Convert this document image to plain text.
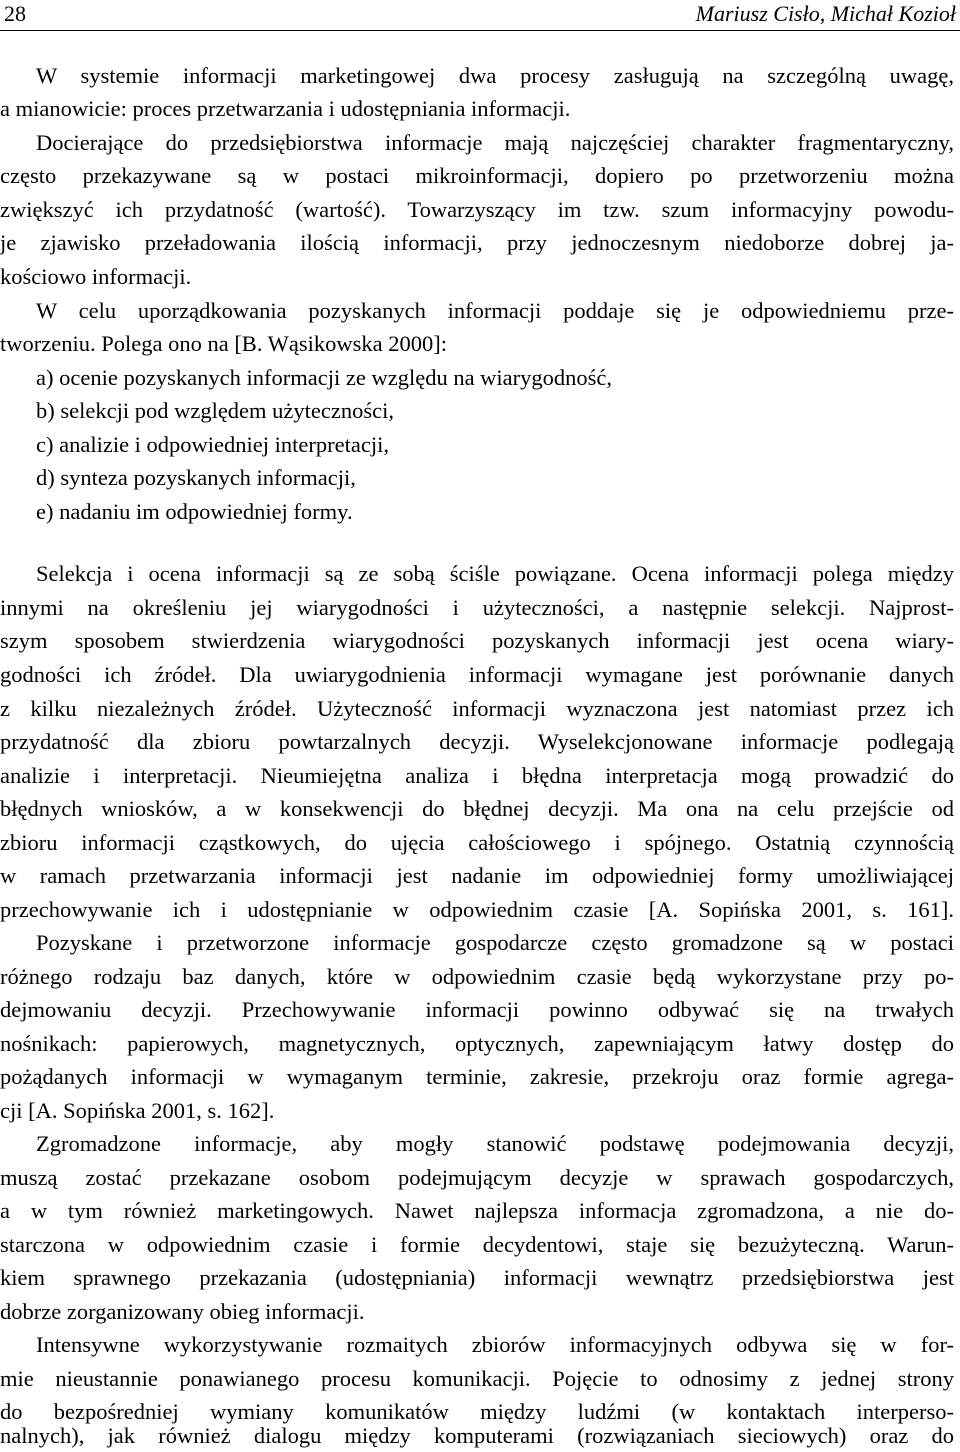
28	Mariusz Cisło, Michał Kozioł
W systemie informacji marketingowej dwa procesy zasługują na szczególną uwagę,
a mianowicie: proces przetwarzania i udostępniania informacji.
Docierające do przedsiębiorstwa informacje mają najczęściej charakter fragmentaryczny,
często przekazywane są w postaci mikroinformacji, dopiero po przetworzeniu można
zwiększyć ich przydatność (wartość). Towarzyszący im tzw. szum informacyjny powodu-
je zjawisko przeładowania ilością informacji, przy jednoczesnym niedoborze dobrej ja-
kościowo informacji.
W celu uporządkowania pozyskanych informacji poddaje się je odpowiedniemu prze-
tworzeniu. Polega ono na [B. Wąsikowska 2000]:
a) ocenie pozyskanych informacji ze względu na wiarygodność,
b) selekcji pod względem użyteczności,
c) analizie i odpowiedniej interpretacji,
d) synteza pozyskanych informacji,
e) nadaniu im odpowiedniej formy.
Selekcja i ocena informacji są ze sobą ściśle powiązane. Ocena informacji polega między
innymi na określeniu jej wiarygodności i użyteczności, a następnie selekcji. Najprost-
szym sposobem stwierdzenia wiarygodności pozyskanych informacji jest ocena wiary-
godności ich źródeł. Dla uwiarygodnienia informacji wymagane jest porównanie danych
z kilku niezależnych źródeł. Użyteczność informacji wyznaczona jest natomiast przez ich
przydatność dla zbioru powtarzalnych decyzji. Wyselekcjonowane informacje podlegają
analizie i interpretacji. Nieumiejętna analiza i błędna interpretacja mogą prowadzić do
błędnych wniosków, a w konsekwencji do błędnej decyzji. Ma ona na celu przejście od
zbioru informacji cząstkowych, do ujęcia całościowego i spójnego. Ostatnią czynnością
w ramach przetwarzania informacji jest nadanie im odpowiedniej formy umożliwiającej
przechowywanie ich i udostępnianie w odpowiednim czasie [A. Sopińska 2001, s. 161].
Pozyskane i przetworzone informacje gospodarcze często gromadzone są w postaci
różnego rodzaju baz danych, które w odpowiednim czasie będą wykorzystane przy po-
dejmowaniu decyzji. Przechowywanie informacji powinno odbywać się na trwałych
nośnikach: papierowych, magnetycznych, optycznych, zapewniającym łatwy dostęp do
pożądanych informacji w wymaganym terminie, zakresie, przekroju oraz formie agrega-
cji [A. Sopińska 2001, s. 162].
Zgromadzone informacje, aby mogły stanowić podstawę podejmowania decyzji,
muszą zostać przekazane osobom podejmującym decyzje w sprawach gospodarczych,
a w tym również marketingowych. Nawet najlepsza informacja zgromadzona, a nie do-
starczona w odpowiednim czasie i formie decydentowi, staje się bezużyteczną. Warun-
kiem sprawnego przekazania (udostępniania) informacji wewnątrz przedsiębiorstwa jest
dobrze zorganizowany obieg informacji.
Intensywne wykorzystywanie rozmaitych zbiorów informacyjnych odbywa się w for-
mie nieustannie ponawianego procesu komunikacji. Pojęcie to odnosimy z jednej strony
do bezpośredniej wymiany komunikatów między ludźmi (w kontaktach interperso-
nalnych), jak również dialogu między komputerami (rozwiązaniach sieciowych) oraz do
